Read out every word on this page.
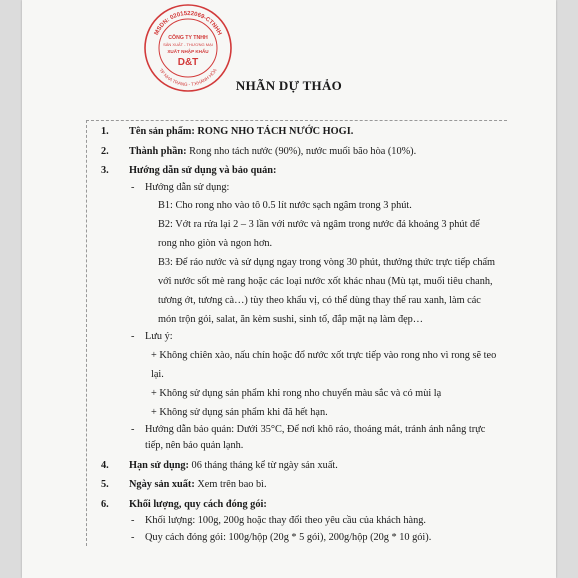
MSDN: 0201522069-CTNHH
TP NHA TRANG - T.KHÁNH HÒA
CÔNG TY TNHH
SẢN XUẤT - THƯƠNG MẠI
XUẤT NHẬP KHẨU
D&T
NHÃN DỰ THẢO
1. Tên sản phẩm: RONG NHO TÁCH NƯỚC HOGI.
2. Thành phần: Rong nho tách nước (90%), nước muối bão hòa (10%).
3. Hướng dẫn sử dụng và bảo quản:
- Hướng dẫn sử dụng:
B1: Cho rong nho vào tô 0.5 lít nước sạch ngâm trong 3 phút.
B2: Vớt ra rửa lại 2 – 3 lần với nước và ngâm trong nước đá khoảng 3 phút để rong nho giòn và ngon hơn.
B3: Để ráo nước và sử dụng ngay trong vòng 30 phút, thưởng thức trực tiếp chấm với nước sốt mè rang hoặc các loại nước xốt khác nhau (Mù tạt, muối tiêu chanh, tương ớt, tương cà…) tùy theo khẩu vị, có thể dùng thay thế rau xanh, làm các món trộn gỏi, salat, ăn kèm sushi, sinh tố, đắp mặt nạ làm đẹp…
- Lưu ý:
+ Không chiên xào, nấu chín hoặc đổ nước xốt trực tiếp vào rong nho vì rong sẽ teo lại.
+ Không sử dụng sản phẩm khi rong nho chuyển màu sắc và có mùi lạ
+ Không sử dụng sản phẩm khi đã hết hạn.
- Hướng dẫn bảo quản: Dưới 35°C, Để nơi khô ráo, thoáng mát, tránh ánh nắng trực tiếp, nên bảo quản lạnh.
4. Hạn sử dụng: 06 tháng tháng kể từ ngày sản xuất.
5. Ngày sản xuất: Xem trên bao bì.
6. Khối lượng, quy cách đóng gói:
- Khối lượng: 100g, 200g hoặc thay đổi theo yêu cầu của khách hàng.
- Quy cách đóng gói: 100g/hộp (20g * 5 gói), 200g/hộp (20g * 10 gói).
